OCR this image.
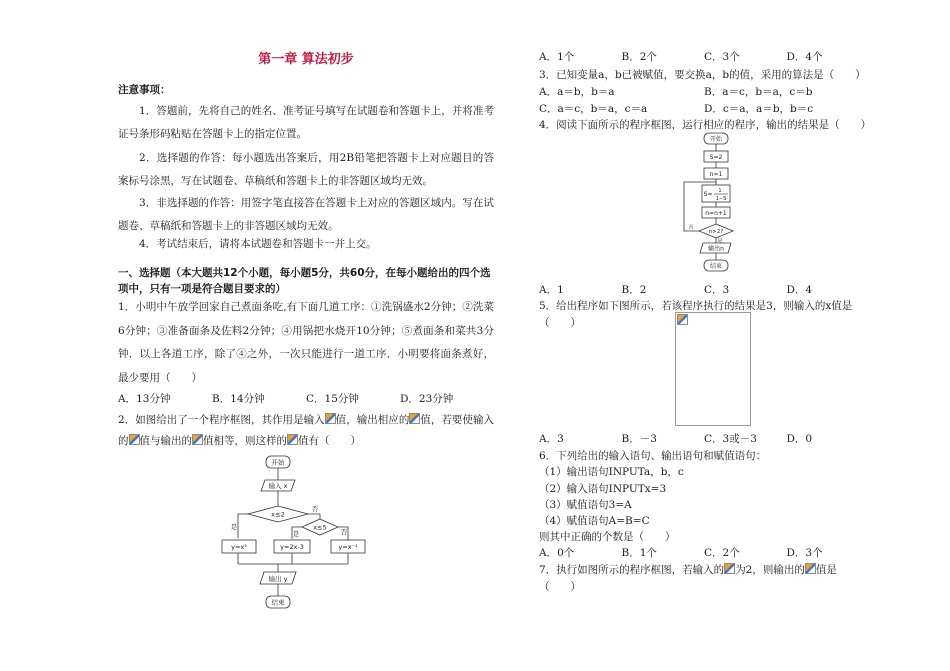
第一章 算法初步
注意事项：
1．答题前，先将自己的姓名、准考证号填写在试题卷和答题卡上，并将准考证号条形码粘贴在答题卡上的指定位置。
2．选择题的作答：每小题选出答案后，用2B铅笔把答题卡上对应题目的答案标号涂黑，写在试题卷、草稿纸和答题卡上的非答题区域均无效。
3．非选择题的作答：用签字笔直接答在答题卡上对应的答题区域内。写在试题卷、草稿纸和答题卡上的非答题区域均无效。
4．考试结束后，请将本试题卷和答题卡一并上交。
一、选择题（本大题共12个小题，每小题5分，共60分，在每小题给出的四个选项中，只有一项是符合题目要求的）
1．小明中午放学回家自己煮面条吃,有下面几道工序：①洗锅盛水2分钟；②洗菜6分钟；③准备面条及佐料2分钟；④用锅把水烧开10分钟；⑤煮面条和菜共3分钟．以上各道工序，除了④之外，一次只能进行一道工序．小明要将面条煮好，最少要用（　　）
A．13分钟	B．14分钟	C．15分钟	D．23分钟
2．如图给出了一个程序框图，其作用是输入 值，输出相应的 值，若要使输入的 值与输出的 值相等，则这样的 值有（　　）
开始
输入 x
x≤2
x≤5
是
否
是	否
y=x²	y=2x-3	y=x⁻¹
输出 y
结束
A．1个	B．2个	C．3个	D．4个
3．已知变量a，b已被赋值，要交换a，b的值，采用的算法是（　　）
A．a＝b，b＝a	B．a＝c，b＝a，c＝b
C．a＝c，b＝a，c＝a	D．c＝a，a＝b，b＝c
4．阅读下面所示的程序框图，运行相应的程序，输出的结果是（　　）
开始
S=2
n=1
S= 1
1−S
n=n+1
n>2?
否
是
输出n
结束
A．1	B．2	C．3	D．4
5．给出程序如下图所示，若该程序执行的结果是3，则输入的x值是（　　）
A．3	B．－3	C．3或－3	D．0
6．下列给出的输入语句、输出语句和赋值语句：
（1）输出语句INPUTa，b，c
（2）输入语句INPUTx=3
（3）赋值语句3=A
（4）赋值语句A=B=C
则其中正确的个数是（　　）
A．0个	B．1个	C．2个	D．3个
7．执行如图所示的程序框图，若输入的 为2，则输出的 值是（　　）
